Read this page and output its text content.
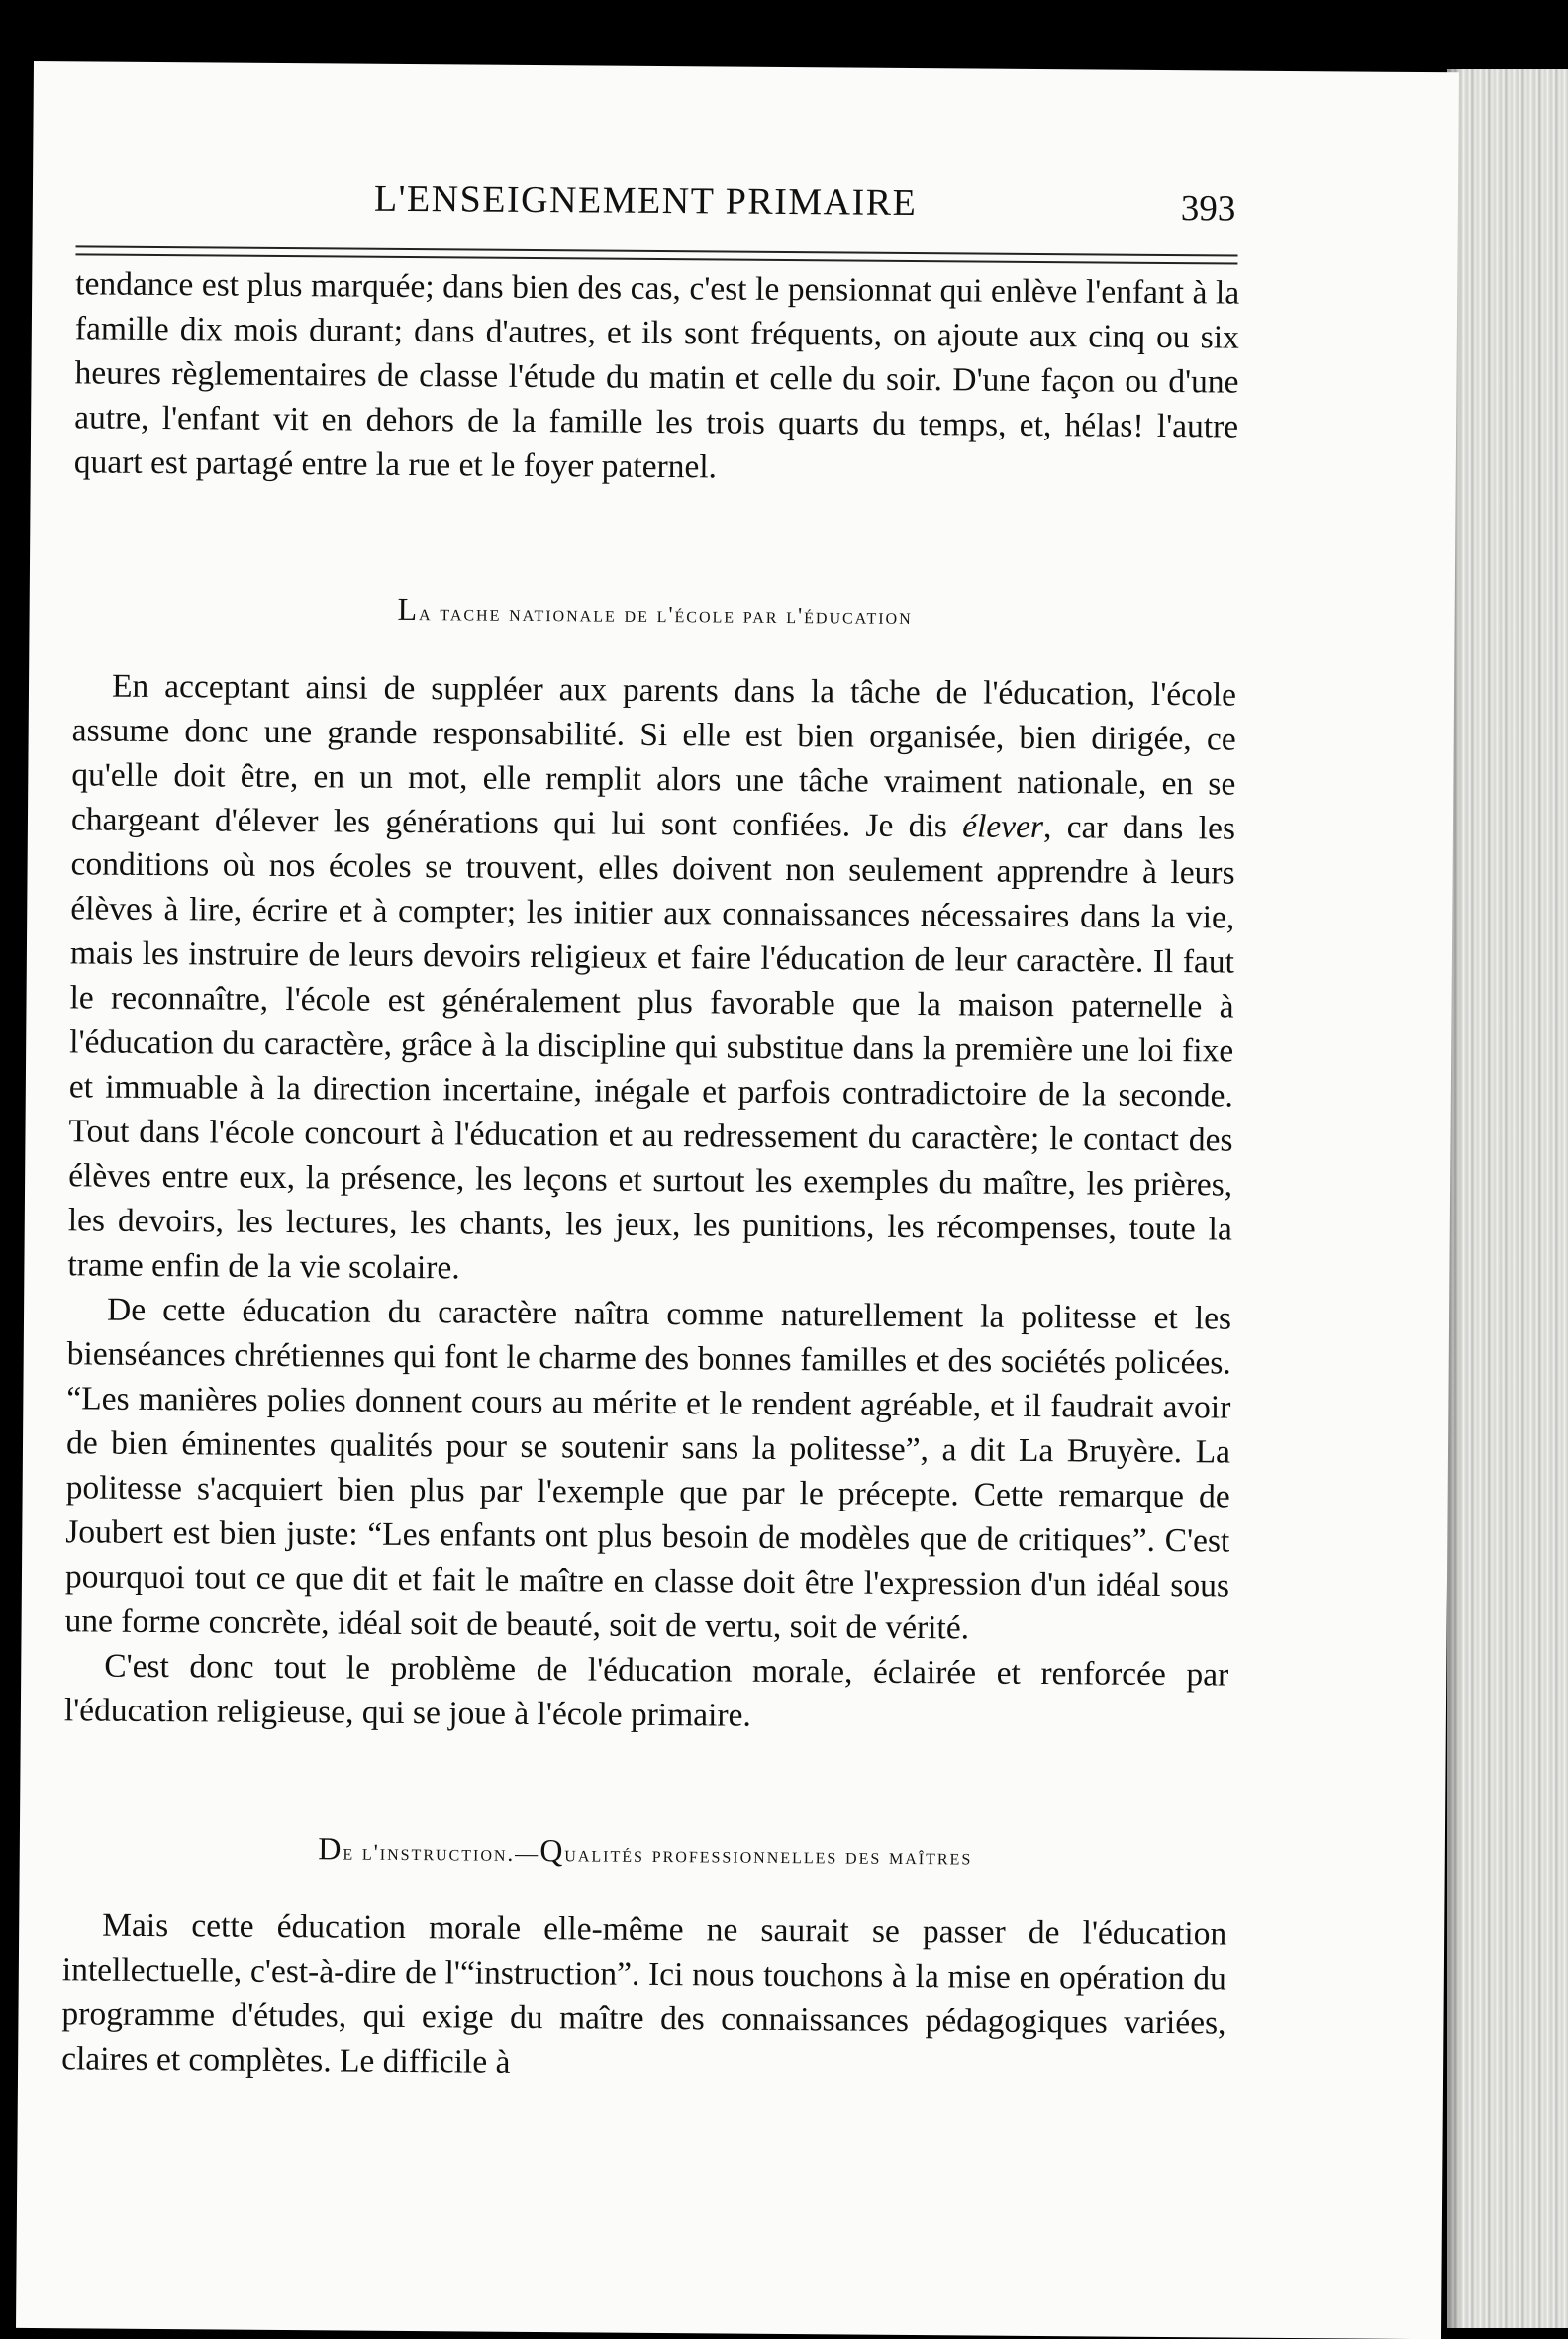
L'ENSEIGNEMENT PRIMAIRE	393

tendance est plus marquée; dans bien des cas, c'est le pensionnat qui enlève l'enfant à la famille dix mois durant; dans d'autres, et ils sont fréquents, on ajoute aux cinq ou six heures règlementaires de classe l'étude du matin et celle du soir. D'une façon ou d'une autre, l'enfant vit en dehors de la famille les trois quarts du temps, et, hélas! l'autre quart est partagé entre la rue et le foyer paternel.

La tache nationale de l'école par l'éducation

En acceptant ainsi de suppléer aux parents dans la tâche de l'éducation, l'école assume donc une grande responsabilité. Si elle est bien organisée, bien dirigée, ce qu'elle doit être, en un mot, elle remplit alors une tâche vraiment nationale, en se chargeant d'élever les générations qui lui sont confiées. Je dis élever, car dans les conditions où nos écoles se trouvent, elles doivent non seulement apprendre à leurs élèves à lire, écrire et à compter; les initier aux connaissances nécessaires dans la vie, mais les instruire de leurs devoirs religieux et faire l'éducation de leur caractère. Il faut le reconnaître, l'école est généralement plus favorable que la maison paternelle à l'éducation du caractère, grâce à la discipline qui substitue dans la première une loi fixe et immuable à la direction incertaine, inégale et parfois contradictoire de la seconde. Tout dans l'école concourt à l'éducation et au redressement du caractère; le contact des élèves entre eux, la présence, les leçons et surtout les exemples du maître, les prières, les devoirs, les lectures, les chants, les jeux, les punitions, les récompenses, toute la trame enfin de la vie scolaire.

De cette éducation du caractère naîtra comme naturellement la politesse et les bienséances chrétiennes qui font le charme des bonnes familles et des sociétés policées. “Les manières polies donnent cours au mérite et le rendent agréable, et il faudrait avoir de bien éminentes qualités pour se soutenir sans la politesse”, a dit La Bruyère. La politesse s'acquiert bien plus par l'exemple que par le précepte. Cette remarque de Joubert est bien juste: “Les enfants ont plus besoin de modèles que de critiques”. C'est pourquoi tout ce que dit et fait le maître en classe doit être l'expression d'un idéal sous une forme concrète, idéal soit de beauté, soit de vertu, soit de vérité.

C'est donc tout le problème de l'éducation morale, éclairée et renforcée par l'éducation religieuse, qui se joue à l'école primaire.

De l'instruction.—Qualités professionnelles des maîtres

Mais cette éducation morale elle-même ne saurait se passer de l'éducation intellectuelle, c'est-à-dire de l'“instruction”. Ici nous touchons à la mise en opération du programme d'études, qui exige du maître des connaissances pédagogiques variées, claires et complètes. Le difficile à
